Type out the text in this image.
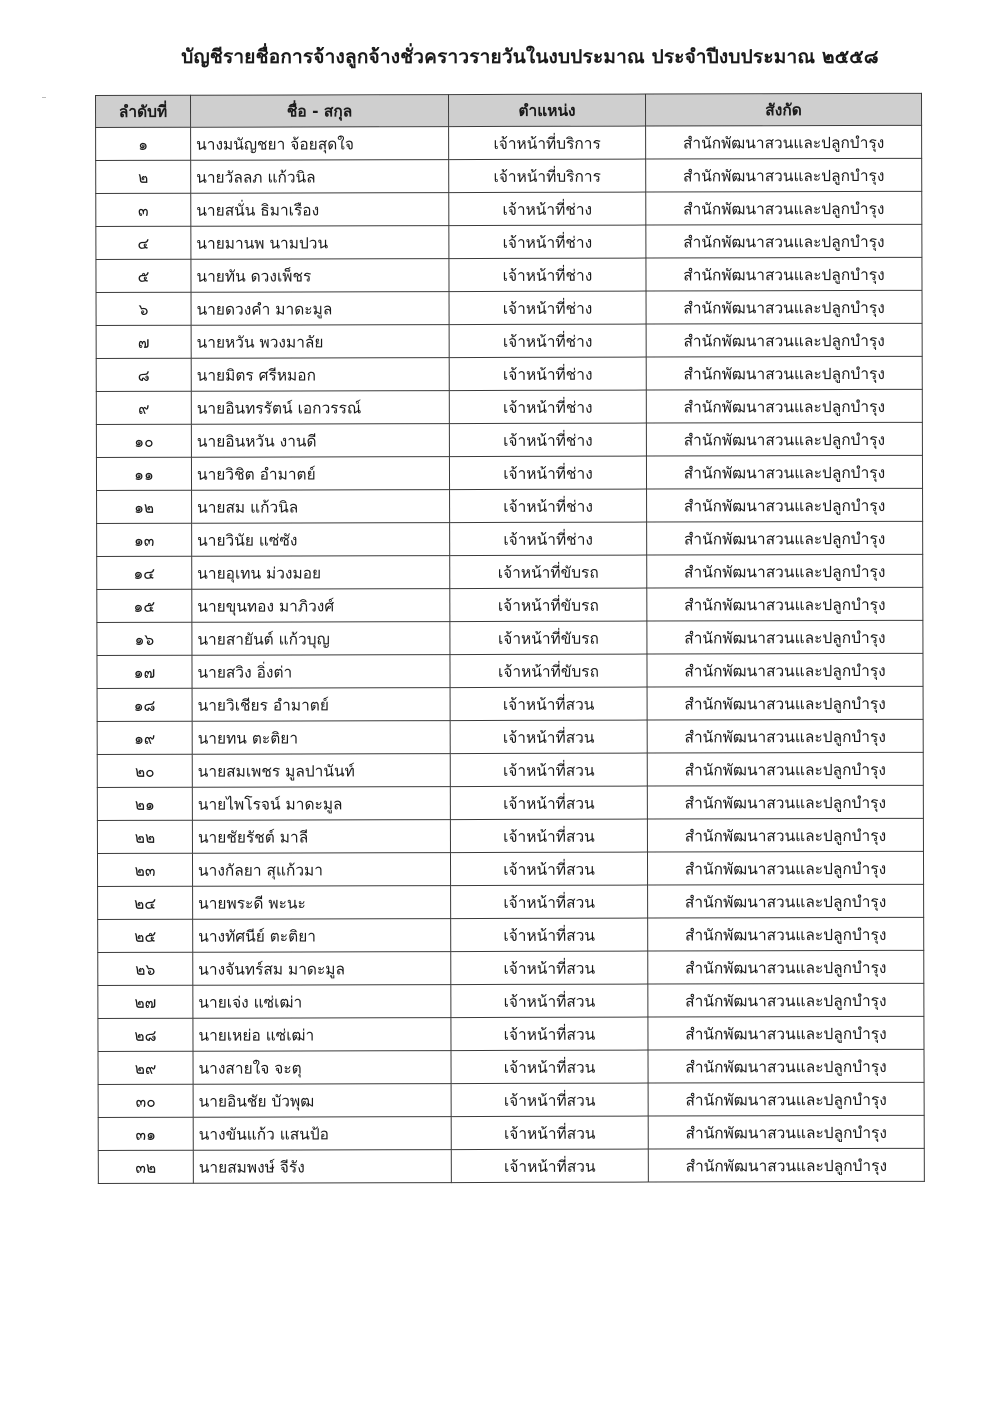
บัญชีรายชื่อการจ้างลูกจ้างชั่วคราวรายวันในงบประมาณ ประจำปีงบประมาณ ๒๕๕๘
ลำดับที่	ชื่อ - สกุล	ตำแหน่ง	สังกัด
๑	นางมนัญชยา จ้อยสุดใจ	เจ้าหน้าที่บริการ	สำนักพัฒนาสวนและปลูกบำรุง
๒	นายวัลลภ แก้วนิล	เจ้าหน้าที่บริการ	สำนักพัฒนาสวนและปลูกบำรุง
๓	นายสนั่น ธิมาเรือง	เจ้าหน้าที่ช่าง	สำนักพัฒนาสวนและปลูกบำรุง
๔	นายมานพ นามปวน	เจ้าหน้าที่ช่าง	สำนักพัฒนาสวนและปลูกบำรุง
๕	นายทัน ดวงเพ็ชร	เจ้าหน้าที่ช่าง	สำนักพัฒนาสวนและปลูกบำรุง
๖	นายดวงคำ มาดะมูล	เจ้าหน้าที่ช่าง	สำนักพัฒนาสวนและปลูกบำรุง
๗	นายหวัน พวงมาลัย	เจ้าหน้าที่ช่าง	สำนักพัฒนาสวนและปลูกบำรุง
๘	นายมิตร ศรีหมอก	เจ้าหน้าที่ช่าง	สำนักพัฒนาสวนและปลูกบำรุง
๙	นายอินทรรัตน์ เอกวรรณ์	เจ้าหน้าที่ช่าง	สำนักพัฒนาสวนและปลูกบำรุง
๑๐	นายอินหวัน งานดี	เจ้าหน้าที่ช่าง	สำนักพัฒนาสวนและปลูกบำรุง
๑๑	นายวิชิต อำมาตย์	เจ้าหน้าที่ช่าง	สำนักพัฒนาสวนและปลูกบำรุง
๑๒	นายสม แก้วนิล	เจ้าหน้าที่ช่าง	สำนักพัฒนาสวนและปลูกบำรุง
๑๓	นายวินัย แซ่ซัง	เจ้าหน้าที่ช่าง	สำนักพัฒนาสวนและปลูกบำรุง
๑๔	นายอุเทน ม่วงมอย	เจ้าหน้าที่ขับรถ	สำนักพัฒนาสวนและปลูกบำรุง
๑๕	นายขุนทอง มาภิวงศ์	เจ้าหน้าที่ขับรถ	สำนักพัฒนาสวนและปลูกบำรุง
๑๖	นายสายันต์ แก้วบุญ	เจ้าหน้าที่ขับรถ	สำนักพัฒนาสวนและปลูกบำรุง
๑๗	นายสวิง อิ่งต่า	เจ้าหน้าที่ขับรถ	สำนักพัฒนาสวนและปลูกบำรุง
๑๘	นายวิเชียร อำมาตย์	เจ้าหน้าที่สวน	สำนักพัฒนาสวนและปลูกบำรุง
๑๙	นายทน ตะติยา	เจ้าหน้าที่สวน	สำนักพัฒนาสวนและปลูกบำรุง
๒๐	นายสมเพชร มูลปานันท์	เจ้าหน้าที่สวน	สำนักพัฒนาสวนและปลูกบำรุง
๒๑	นายไพโรจน์ มาดะมูล	เจ้าหน้าที่สวน	สำนักพัฒนาสวนและปลูกบำรุง
๒๒	นายชัยรัชต์ มาลี	เจ้าหน้าที่สวน	สำนักพัฒนาสวนและปลูกบำรุง
๒๓	นางกัลยา สุแก้วมา	เจ้าหน้าที่สวน	สำนักพัฒนาสวนและปลูกบำรุง
๒๔	นายพระดี พะนะ	เจ้าหน้าที่สวน	สำนักพัฒนาสวนและปลูกบำรุง
๒๕	นางทัศนีย์ ตะติยา	เจ้าหน้าที่สวน	สำนักพัฒนาสวนและปลูกบำรุง
๒๖	นางจันทร์สม มาดะมูล	เจ้าหน้าที่สวน	สำนักพัฒนาสวนและปลูกบำรุง
๒๗	นายเจ่ง แซ่เฒ่า	เจ้าหน้าที่สวน	สำนักพัฒนาสวนและปลูกบำรุง
๒๘	นายเหย่อ แซ่เฒ่า	เจ้าหน้าที่สวน	สำนักพัฒนาสวนและปลูกบำรุง
๒๙	นางสายใจ จะตุ	เจ้าหน้าที่สวน	สำนักพัฒนาสวนและปลูกบำรุง
๓๐	นายอินชัย บัวพุฒ	เจ้าหน้าที่สวน	สำนักพัฒนาสวนและปลูกบำรุง
๓๑	นางขันแก้ว แสนป้อ	เจ้าหน้าที่สวน	สำนักพัฒนาสวนและปลูกบำรุง
๓๒	นายสมพงษ์ จีรัง	เจ้าหน้าที่สวน	สำนักพัฒนาสวนและปลูกบำรุง
